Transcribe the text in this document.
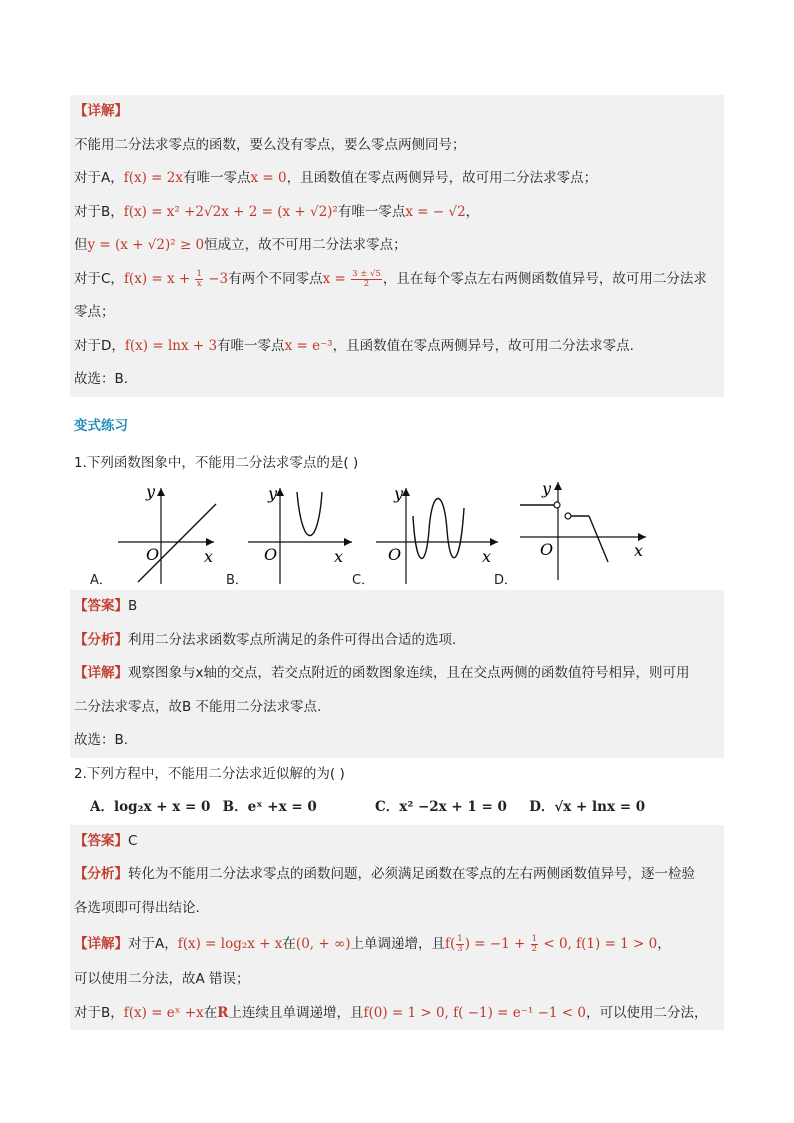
【详解】
不能用二分法求零点的函数，要么没有零点，要么零点两侧同号；
对于A，f(x) = 2x有唯一零点x = 0，且函数值在零点两侧异号，故可用二分法求零点；
对于B，f(x) = x² +2√2x + 2 = (x + √2)²有唯一零点x = − √2，
但y = (x + √2)² ≥ 0恒成立，故不可用二分法求零点；
对于C，$f(x) = x + \frac{1}{x} -3$有两个不同零点$x = \frac{3 \pm √5}{2}$ ，且在每个零点左右两侧函数值异号，故可用二分法求
零点；
对于D，f(x) = lnx + 3有唯一零点x = e⁻³，且函数值在零点两侧异号，故可用二分法求零点.
故选：B.
变式练习
1.下列函数图象中，不能用二分法求零点的是( )
y
x
O
y
x
O
y
x
O
y
x
O
A．	B．	C．	D．
【答案】B
【分析】利用二分法求函数零点所满足的条件可得出合适的选项.
【详解】观察图象与x轴的交点，若交点附近的函数图象连续，且在交点两侧的函数值符号相异，则可用
二分法求零点，故B 不能用二分法求零点.
故选：B.
2.下列方程中，不能用二分法求近似解的为( )
A．log₂x + x = 0 B．eˣ +x = 0	C．x² −2x + 1 = 0 D．√x + lnx = 0
【答案】C
【分析】转化为不能用二分法求零点的函数问题，必须满足函数在零点的左右两侧函数值异号，逐一检验
各选项即可得出结论.
【详解】对于A，f(x) = log₂x + x在(0, + ∞)上单调递增，且$f( \frac{1}{3}$ ) = $-1 + \frac{1}{2} < 0$, f(1) = 1 > 0，
可以使用二分法，故A 错误；
对于B，f(x) = eˣ +x在R上连续且单调递增，且f(0) = 1 > 0, f( −1) = e⁻¹ −1 < 0，可以使用二分法，
